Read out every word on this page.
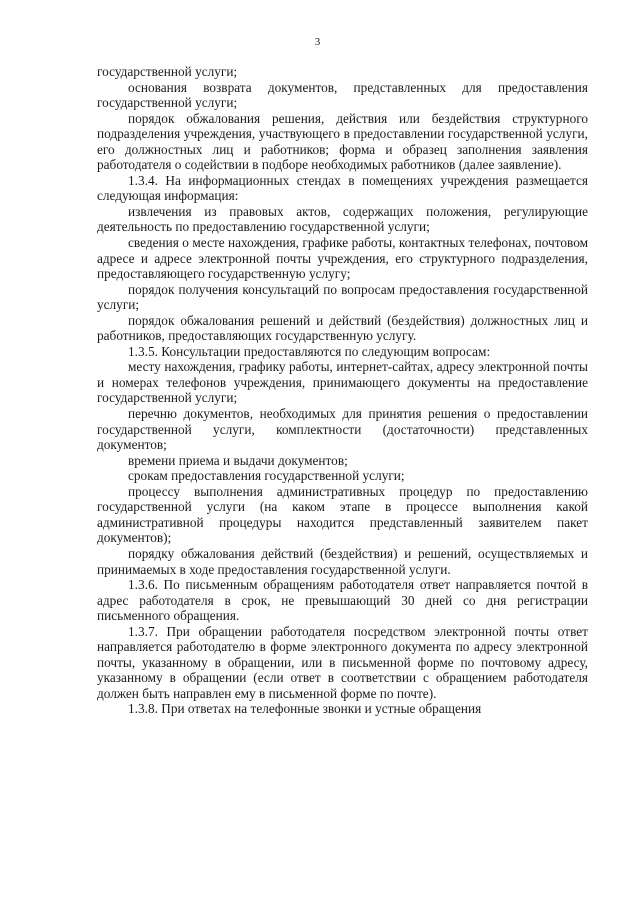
3

государственной услуги;

основания возврата документов, представленных для предоставления государственной услуги;

порядок обжалования решения, действия или бездействия структурного подразделения учреждения, участвующего в предоставлении государственной услуги, его должностных лиц и работников; форма и образец заполнения заявления работодателя о содействии в подборе необходимых работников (далее заявление).

1.3.4. На информационных стендах в помещениях учреждения размещается следующая информация:

извлечения из правовых актов, содержащих положения, регулирующие деятельность по предоставлению государственной услуги;

сведения о месте нахождения, графике работы, контактных телефонах, почтовом адресе и адресе электронной почты учреждения, его структурного подразделения, предоставляющего государственную услугу;

порядок получения консультаций по вопросам предоставления государственной услуги;

порядок обжалования решений и действий (бездействия) должностных лиц и работников, предоставляющих государственную услугу.

1.3.5. Консультации предоставляются по следующим вопросам:

месту нахождения, графику работы, интернет-сайтах, адресу электронной почты и номерах телефонов учреждения, принимающего документы на предоставление государственной услуги;

перечню документов, необходимых для принятия решения о предоставлении государственной услуги, комплектности (достаточности) представленных документов;

времени приема и выдачи документов;

срокам предоставления государственной услуги;

процессу выполнения административных процедур по предоставлению государственной услуги (на каком этапе в процессе выполнения какой административной процедуры находится представленный заявителем пакет документов);

порядку обжалования действий (бездействия) и решений, осуществляемых и принимаемых в ходе предоставления государственной услуги.

1.3.6. По письменным обращениям работодателя ответ направляется почтой в адрес работодателя в срок, не превышающий 30 дней со дня регистрации письменного обращения.

1.3.7. При обращении работодателя посредством электронной почты ответ направляется работодателю в форме электронного документа по адресу электронной почты, указанному в обращении, или в письменной форме по почтовому адресу, указанному в обращении (если ответ в соответствии с обращением работодателя должен быть направлен ему в письменной форме по почте).

1.3.8. При ответах на телефонные звонки и устные обращения
